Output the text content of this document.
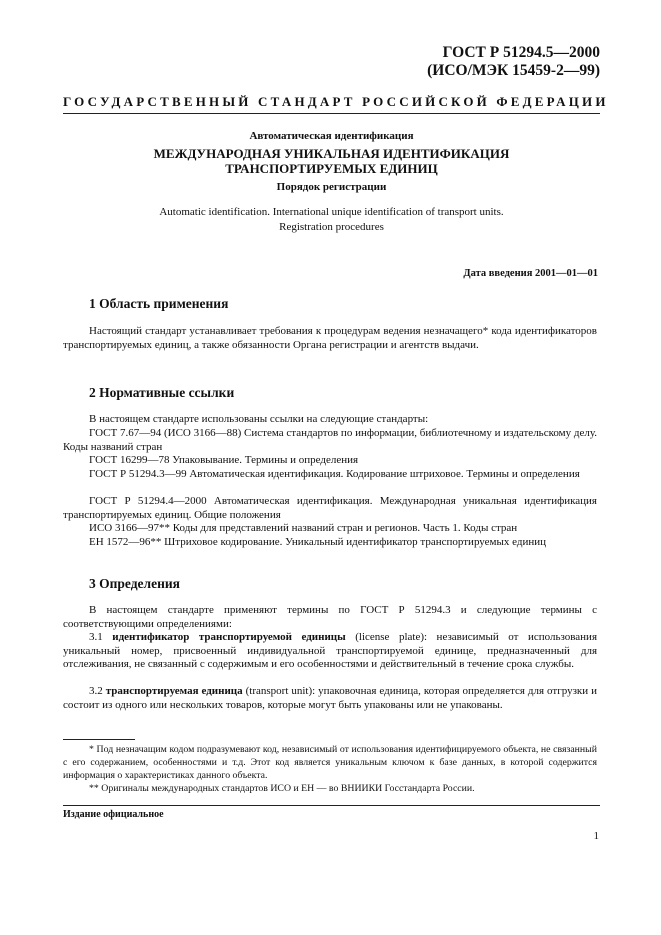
ГОСТ Р 51294.5—2000
(ИСО/МЭК 15459-2—99)
ГОСУДАРСТВЕННЫЙ СТАНДАРТ РОССИЙСКОЙ ФЕДЕРАЦИИ
Автоматическая идентификация
МЕЖДУНАРОДНАЯ УНИКАЛЬНАЯ ИДЕНТИФИКАЦИЯ
ТРАНСПОРТИРУЕМЫХ ЕДИНИЦ
Порядок регистрации
Automatic identification. International unique identification of transport units.
Registration procedures
Дата введения 2001—01—01
1 Область применения
Настоящий стандарт устанавливает требования к процедурам ведения незначащего* кода идентификаторов транспортируемых единиц, а также обязанности Органа регистрации и агентств выдачи.
2 Нормативные ссылки
В настоящем стандарте использованы ссылки на следующие стандарты:
ГОСТ 7.67—94 (ИСО 3166—88) Система стандартов по информации, библиотечному и издательскому делу. Коды названий стран
ГОСТ 16299—78 Упаковывание. Термины и определения
ГОСТ Р 51294.3—99 Автоматическая идентификация. Кодирование штриховое. Термины и определения
ГОСТ Р 51294.4—2000 Автоматическая идентификация. Международная уникальная идентификация транспортируемых единиц. Общие положения
ИСО 3166—97** Коды для представлений названий стран и регионов. Часть 1. Коды стран
ЕН 1572—96** Штриховое кодирование. Уникальный идентификатор транспортируемых единиц
3 Определения
В настоящем стандарте применяют термины по ГОСТ Р 51294.3 и следующие термины с соответствующими определениями:
3.1 идентификатор транспортируемой единицы (license plate): независимый от использования уникальный номер, присвоенный индивидуальной транспортируемой единице, предназначенный для отслеживания, не связанный с содержимым и его особенностями и действительный в течение срока службы.
3.2 транспортируемая единица (transport unit): упаковочная единица, которая определяется для отгрузки и состоит из одного или нескольких товаров, которые могут быть упакованы или не упакованы.
* Под незначащим кодом подразумевают код, независимый от использования идентифицируемого объекта, не связанный с его содержанием, особенностями и т.д. Этот код является уникальным ключом к базе данных, в которой содержится информация о характеристиках данного объекта.
** Оригиналы международных стандартов ИСО и ЕН — во ВНИИКИ Госстандарта России.
Издание официальное
1
